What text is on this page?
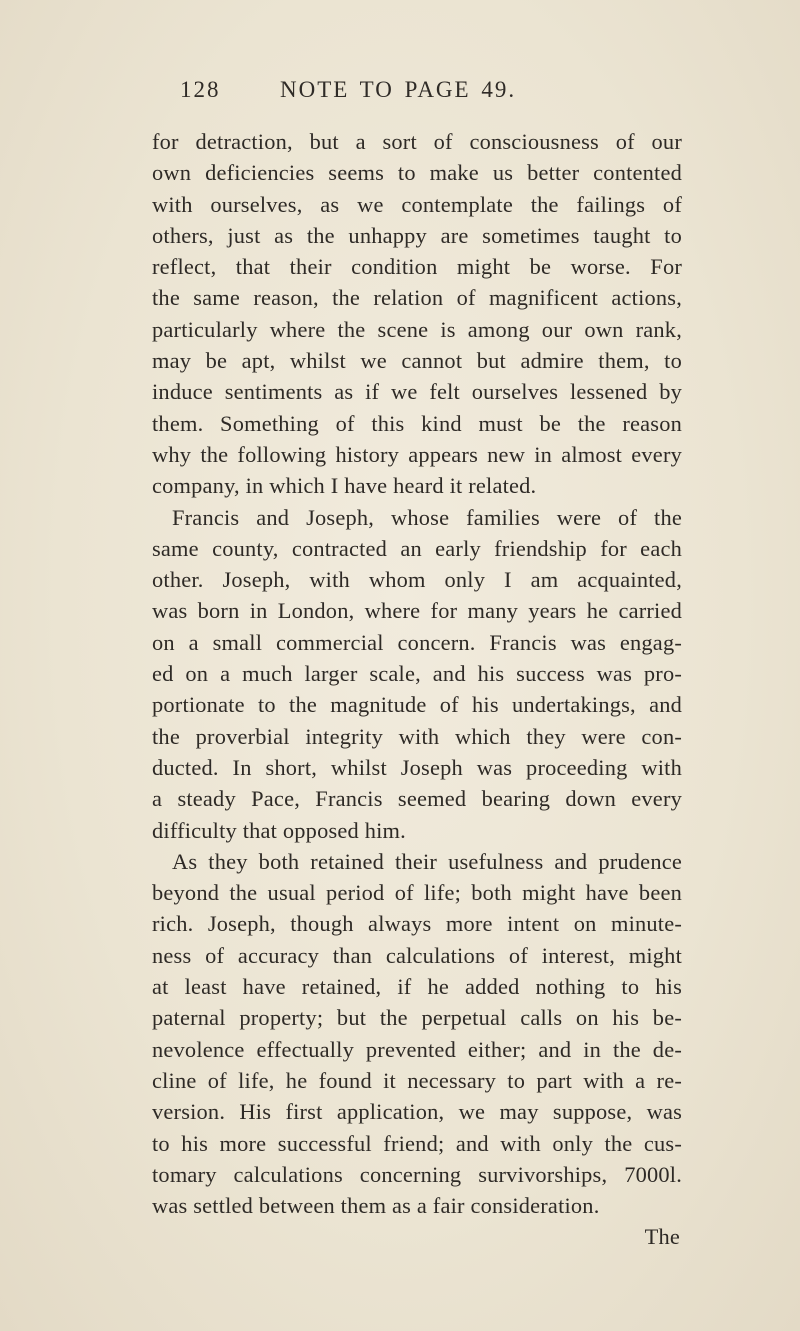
128	NOTE TO PAGE 49.
for detraction, but a sort of consciousness of our
own deficiencies seems to make us better contented
with ourselves, as we contemplate the failings of
others, just as the unhappy are sometimes taught to
reflect, that their condition might be worse. For
the same reason, the relation of magnificent actions,
particularly where the scene is among our own rank,
may be apt, whilst we cannot but admire them, to
induce sentiments as if we felt ourselves lessened by
them. Something of this kind must be the reason
why the following history appears new in almost every
company, in which I have heard it related.
Francis and Joseph, whose families were of the
same county, contracted an early friendship for each
other. Joseph, with whom only I am acquainted,
was born in London, where for many years he carried
on a small commercial concern. Francis was engag-
ed on a much larger scale, and his success was pro-
portionate to the magnitude of his undertakings, and
the proverbial integrity with which they were con-
ducted. In short, whilst Joseph was proceeding with
a steady Pace, Francis seemed bearing down every
difficulty that opposed him.
As they both retained their usefulness and prudence
beyond the usual period of life; both might have been
rich. Joseph, though always more intent on minute-
ness of accuracy than calculations of interest, might
at least have retained, if he added nothing to his
paternal property; but the perpetual calls on his be-
nevolence effectually prevented either; and in the de-
cline of life, he found it necessary to part with a re-
version. His first application, we may suppose, was
to his more successful friend; and with only the cus-
tomary calculations concerning survivorships, 7000l.
was settled between them as a fair consideration.
The
